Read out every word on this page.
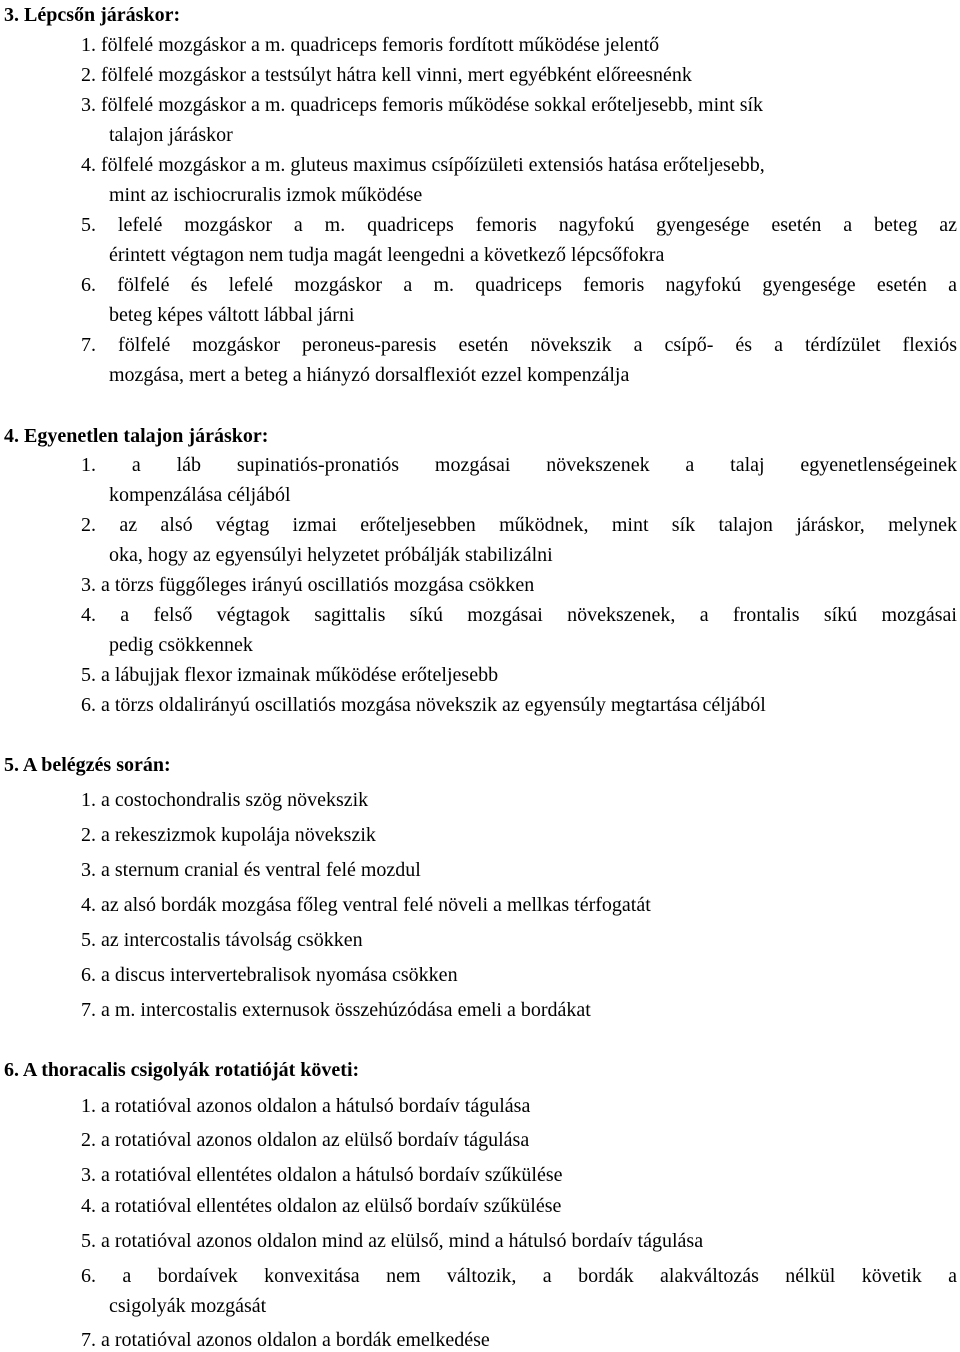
3. Lépcsőn járáskor:
1. fölfelé mozgáskor a m. quadriceps femoris fordított működése jelentő
2. fölfelé mozgáskor a testsúlyt hátra kell vinni, mert egyébként előreesnénk
3. fölfelé mozgáskor a m. quadriceps femoris működése sokkal erőteljesebb, mint sík
talajon járáskor
4. fölfelé mozgáskor a m. gluteus maximus csípőízületi extensiós hatása erőteljesebb,
mint az ischiocruralis izmok működése
5. lefelé mozgáskor a m. quadriceps femoris nagyfokú gyengesége esetén a beteg az
érintett végtagon nem tudja magát leengedni a következő lépcsőfokra
6. fölfelé és lefelé mozgáskor a m. quadriceps femoris nagyfokú gyengesége esetén a
beteg képes váltott lábbal járni
7. fölfelé mozgáskor peroneus-paresis esetén növekszik a csípő- és a térdízület flexiós
mozgása, mert a beteg a hiányzó dorsalflexiót ezzel kompenzálja
4. Egyenetlen talajon járáskor:
1. a láb supinatiós-pronatiós mozgásai növekszenek a talaj egyenetlenségeinek
kompenzálása céljából
2. az alsó végtag izmai erőteljesebben működnek, mint sík talajon járáskor, melynek
oka, hogy az egyensúlyi helyzetet próbálják stabilizálni
3. a törzs függőleges irányú oscillatiós mozgása csökken
4. a felső végtagok sagittalis síkú mozgásai növekszenek, a frontalis síkú mozgásai
pedig csökkennek
5. a lábujjak flexor izmainak működése erőteljesebb
6. a törzs oldalirányú oscillatiós mozgása növekszik az egyensúly megtartása céljából
5. A belégzés során:
1. a costochondralis szög növekszik
2. a rekeszizmok kupolája növekszik
3. a sternum cranial és ventral felé mozdul
4. az alsó bordák mozgása főleg ventral felé növeli a mellkas térfogatát
5. az intercostalis távolság csökken
6. a discus intervertebralisok nyomása csökken
7. a m. intercostalis externusok összehúzódása emeli a bordákat
6. A thoracalis csigolyák rotatióját követi:
1. a rotatióval azonos oldalon a hátulsó bordaív tágulása
2. a rotatióval azonos oldalon az elülső bordaív tágulása
3. a rotatióval ellentétes oldalon a hátulsó bordaív szűkülése
4. a rotatióval ellentétes oldalon az elülső bordaív szűkülése
5. a rotatióval azonos oldalon mind az elülső, mind a hátulsó bordaív tágulása
6. a bordaívek konvexitása nem változik, a bordák alakváltozás nélkül követik a
csigolyák mozgását
7. a rotatióval azonos oldalon a bordák emelkedése
